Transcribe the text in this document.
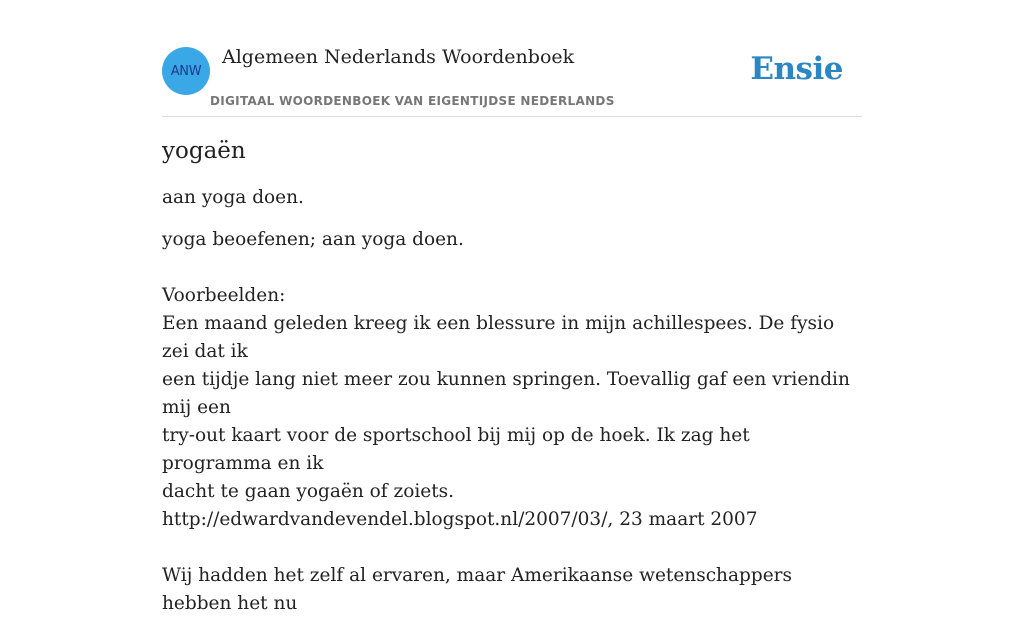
ANW
Algemeen Nederlands Woordenboek
DIGITAAL WOORDENBOEK VAN EIGENTIJDSE NEDERLANDS
Ensie
yogaën

aan yoga doen.

yoga beoefenen; aan yoga doen.
Voorbeelden:
Een maand geleden kreeg ik een blessure in mijn achillespees. De fysio zei dat ik
een tijdje lang niet meer zou kunnen springen. Toevallig gaf een vriendin mij een
try-out kaart voor de sportschool bij mij op de hoek. Ik zag het programma en ik
dacht te gaan yogaën of zoiets.
http://edwardvandevendel.blogspot.nl/2007/03/, 23 maart 2007
Wij hadden het zelf al ervaren, maar Amerikaanse wetenschappers hebben het nu
